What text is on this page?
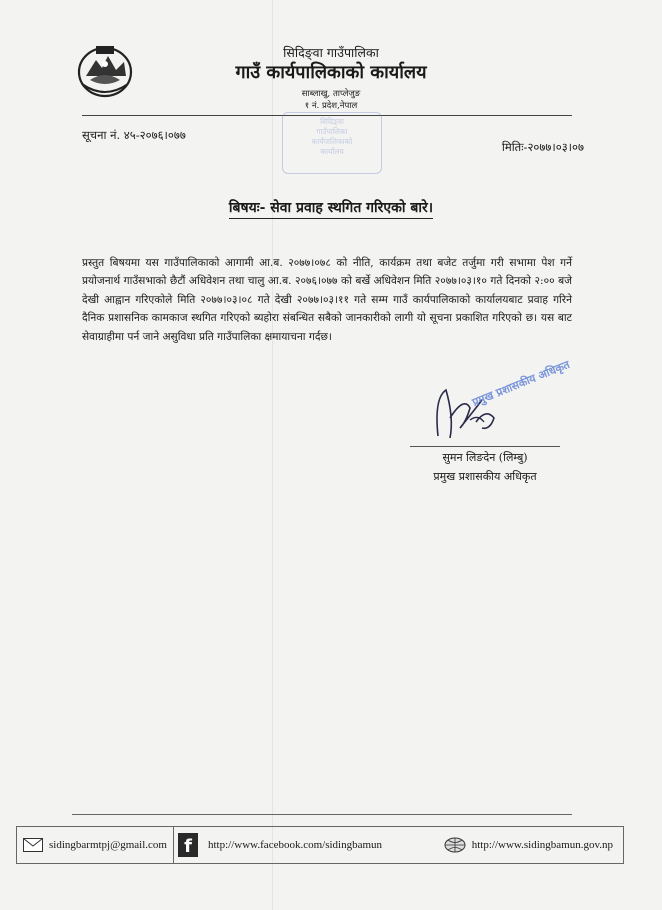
सिदिङ्वा गाउँपालिका
गाउँ कार्यपालिकाको कार्यालय
साब्लाखु, ताप्लेजुङ
१ नं. प्रदेश,नेपाल
सूचना नं. ४५-२०७६।०७७
मितिः-२०७७।०३।०७
सिदिङ्वा
गाउँपालिका
कार्यपालिकाको
कार्यालय
बिषयः- सेवा प्रवाह स्थगित गरिएको बारे।
प्रस्तुत बिषयमा यस गाउँपालिकाको आगामी आ.ब. २०७७।०७८ को नीति, कार्यक्रम तथा बजेट तर्जुमा गरी सभामा पेश गर्ने प्रयोजनार्थ गाउँसभाको छैटौं अधिवेशन तथा चालु आ.ब. २०७६।०७७ को बर्खे अधिवेशन मिति २०७७।०३।१० गते दिनको २:०० बजे देखी आह्वान गरिएकोले मिति २०७७।०३।०८ गते देखी २०७७।०३।११ गते सम्म गाउँ कार्यपालिकाको कार्यालयबाट प्रवाह गरिने दैनिक प्रशासनिक कामकाज स्थगित गरिएको ब्यहोरा संबन्धित सबैको जानकारीको लागी यो सूचना प्रकाशित गरिएको छ। यस बाट सेवाग्राहीमा पर्न जाने असुविधा प्रति गाउँपालिका क्षमायाचना गर्दछ।
प्रमुख प्रशासकीय अधिकृत
सुमन लिङदेन (लिम्बु)
प्रमुख प्रशासकीय अधिकृत
sidingbarmtpj@gmail.com f	http://www.facebook.com/sidingbamun	http://www.sidingbamun.gov.np
